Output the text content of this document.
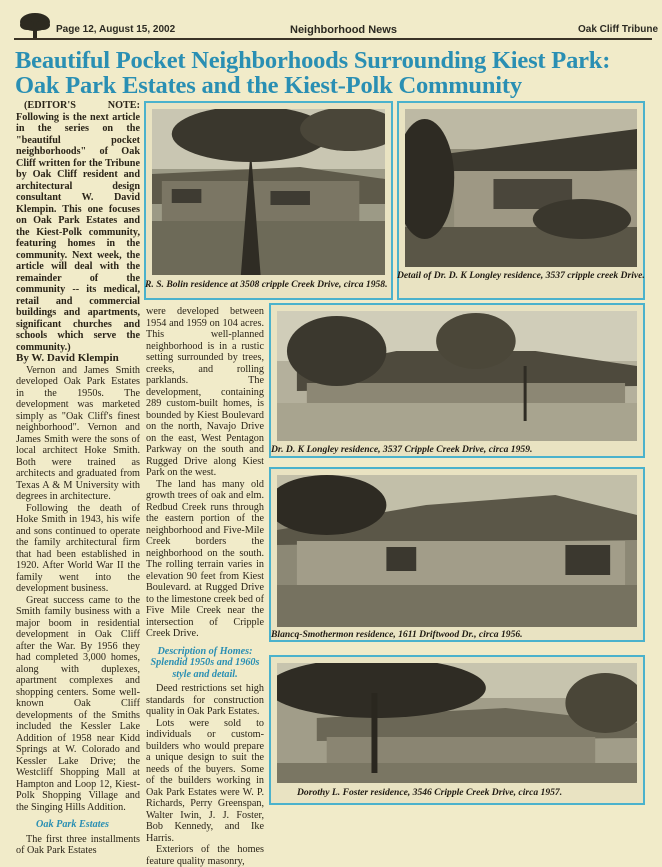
Page 12, August 15, 2002	Neighborhood News	Oak Cliff Tribune
Beautiful Pocket Neighborhoods Surrounding Kiest Park:
Oak Park Estates and the Kiest-Polk Community

(EDITOR'S NOTE: Following is the next article in the series on the "beautiful pocket neighborhoods" of Oak Cliff written for the Tribune by Oak Cliff resident and architectural design consultant W. David Klempin. This one focuses on Oak Park Estates and the Kiest-Polk community, featuring homes in the community. Next week, the article will deal with the remainder of the community -- its medical, retail and commercial buildings and apartments, significant churches and schools which serve the community.)

By W. David Klempin

Vernon and James Smith developed Oak Park Estates in the 1950s. The development was marketed simply as "Oak Cliff's finest neighborhood". Vernon and James Smith were the sons of local architect Hoke Smith. Both were trained as architects and graduated from Texas A & M University with degrees in architecture.

Following the death of Hoke Smith in 1943, his wife and sons continued to operate the family architectural firm that had been established in 1920. After World War II the family went into the development business.

Great success came to the Smith family business with a major boom in residential development in Oak Cliff after the War. By 1956 they had completed 3,000 homes, along with duplexes, apartment complexes and shopping centers. Some well-known Oak Cliff developments of the Smiths included the Kessler Lake Addition of 1958 near Kidd Springs at W. Colorado and Kessler Lake Drive; the Westcliff Shopping Mall at Hampton and Loop 12, Kiest-Polk Shopping Village and the Singing Hills Addition.

Oak Park Estates

The first three installments of Oak Park Estates

were developed between 1954 and 1959 on 104 acres. This well-planned neighborhood is in a rustic setting surrounded by trees, creeks, and rolling parklands. The development, containing 289 custom-built homes, is bounded by Kiest Boulevard on the north, Navajo Drive on the east, West Pentagon Parkway on the south and Rugged Drive along Kiest Park on the west.

The land has many old growth trees of oak and elm. Redbud Creek runs through the eastern portion of the neighborhood and Five-Mile Creek borders the neighborhood on the south. The rolling terrain varies in elevation 90 feet from Kiest Boulevard. at Rugged Drive to the limestone creek bed of Five Mile Creek near the intersection of Cripple Creek Drive.

Description of Homes: Splendid 1950s and 1960s style and detail.

Deed restrictions set high standards for construction quality in Oak Park Estates.

Lots were sold to individuals or custom-builders who would prepare a unique design to suit the needs of the buyers. Some of the builders working in Oak Park Estates were W. P. Richards, Perry Greenspan, Walter Iwin, J. J. Foster, Bob Kennedy, and Ike Harris.

Exteriors of the homes feature quality masonry,

R. S. Bolin residence at 3508 cripple Creek Drive, circa 1958.
Detail of Dr. D. K Longley residence, 3537 cripple creek Drive.
Dr. D. K Longley residence, 3537 Cripple Creek Drive, circa 1959.
Blancq-Smothermon residence, 1611 Driftwood Dr., circa 1956.
Dorothy L. Foster residence, 3546 Cripple Creek Drive, circa 1957.
